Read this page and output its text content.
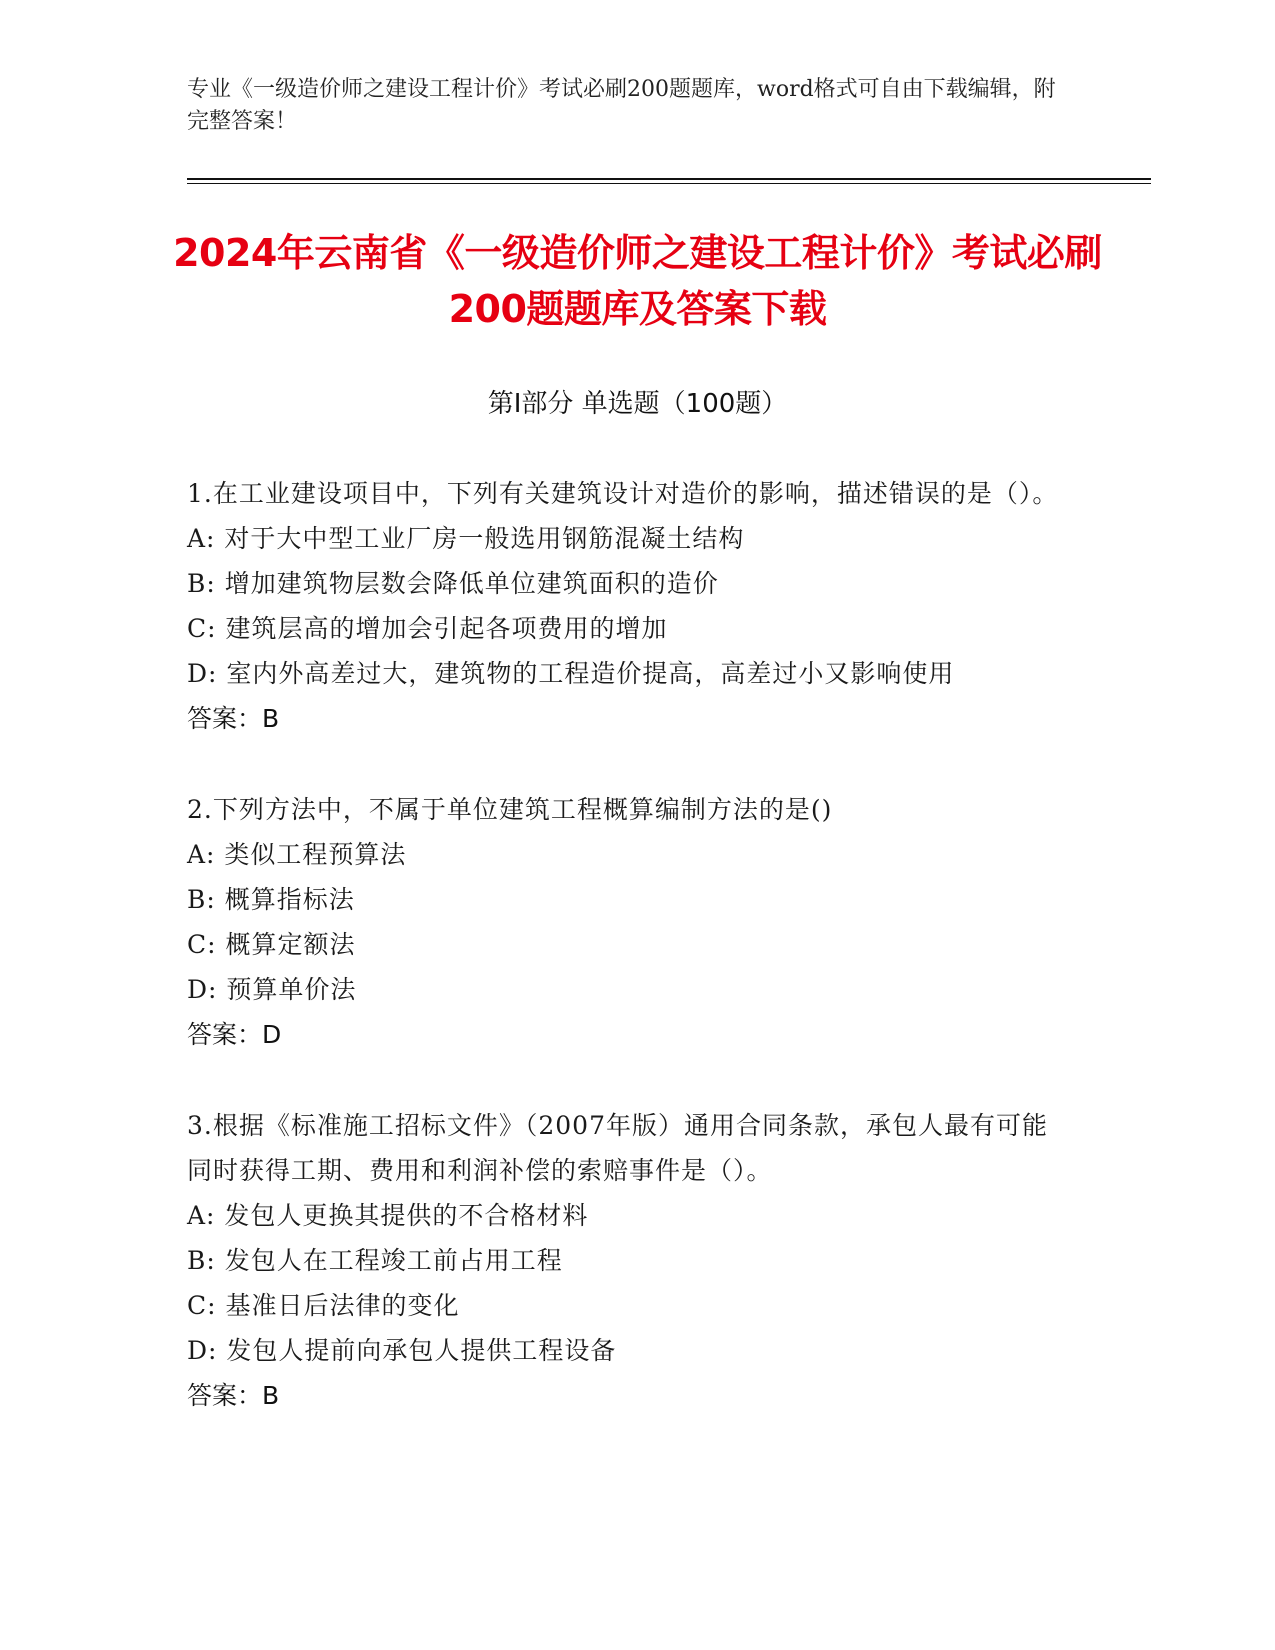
专业《一级造价师之建设工程计价》考试必刷200题题库，word格式可自由下载编辑，附完整答案！
2024年云南省《一级造价师之建设工程计价》考试必刷200题题库及答案下载
第I部分 单选题（100题）
1.在工业建设项目中，下列有关建筑设计对造价的影响，描述错误的是（）。
A: 对于大中型工业厂房一般选用钢筋混凝土结构
B: 增加建筑物层数会降低单位建筑面积的造价
C: 建筑层高的增加会引起各项费用的增加
D: 室内外高差过大，建筑物的工程造价提高，高差过小又影响使用
答案：B
2.下列方法中，不属于单位建筑工程概算编制方法的是()
A: 类似工程预算法
B: 概算指标法
C: 概算定额法
D: 预算单价法
答案：D
3.根据《标准施工招标文件》（2007年版）通用合同条款，承包人最有可能同时获得工期、费用和利润补偿的索赔事件是（）。
A: 发包人更换其提供的不合格材料
B: 发包人在工程竣工前占用工程
C: 基准日后法律的变化
D: 发包人提前向承包人提供工程设备
答案：B
